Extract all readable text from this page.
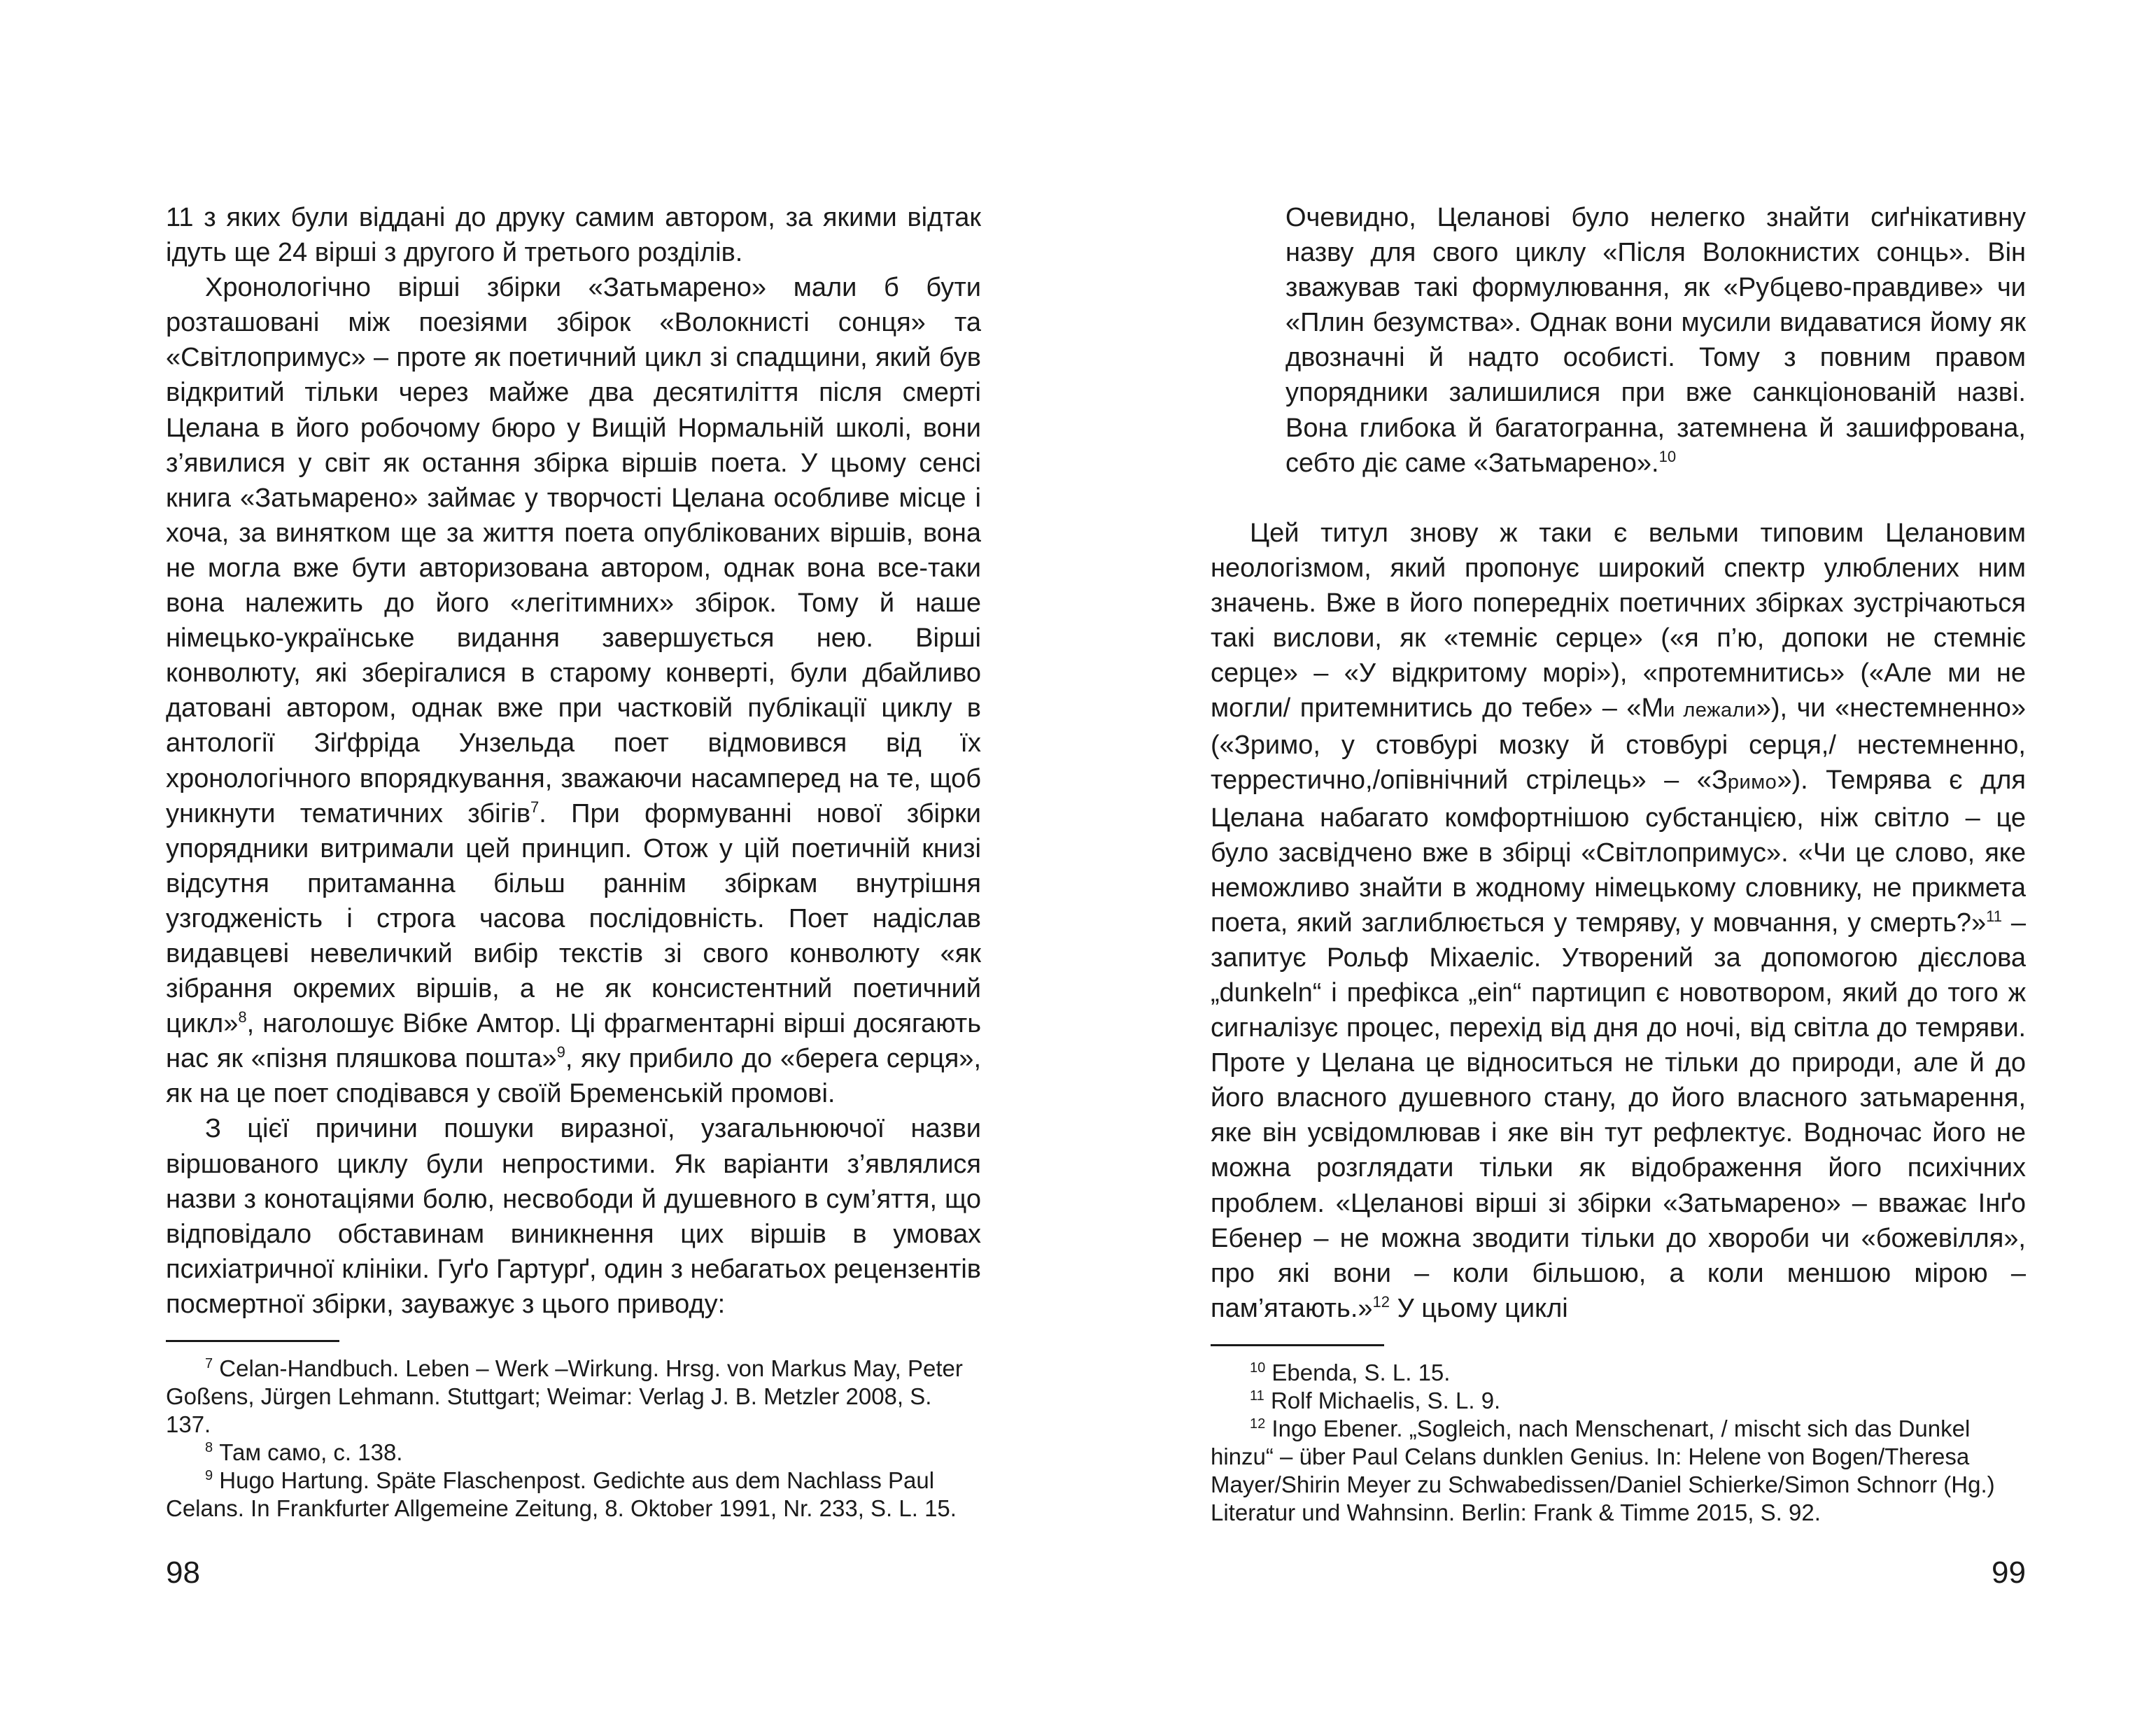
11 з яких були віддані до друку самим автором, за якими відтак ідуть ще 24 вірші з другого й третього розділів.

Хронологічно вірші збірки «Затьмарено» мали б бути розташовані між поезіями збірок «Волокнисті сонця» та «Світлопримус» – проте як поетичний цикл зі спадщини, який був відкритий тільки через майже два десятиліття після смерті Целана в його робочому бюро у Вищій Нормальній школі, вони з’явилися у світ як остання збірка віршів поета. У цьому сенсі книга «Затьмарено» займає у творчості Целана особливе місце і хоча, за винятком ще за життя поета опублікованих віршів, вона не могла вже бути авторизована автором, однак вона все-таки вона належить до його «легітимних» збірок. Тому й наше німецько-українське видання завершується нею. Вірші конволюту, які зберігалися в старому конверті, були дбайливо датовані автором, однак вже при частковій публікації циклу в антології Зіґфріда Унзельда поет відмовився від їх хронологічного впорядкування, зважаючи насамперед на те, щоб уникнути тематичних збігів$^7$. При формуванні нової збірки упорядники витримали цей принцип. Отож у цій поетичній книзі відсутня притаманна більш раннім збіркам внутрішня узгодженість і строга часова послідовність. Поет надіслав видавцеві невеличкий вибір текстів зі свого конволюту «як зібрання окремих віршів, а не як консистентний поетичний цикл»$^8$, наголошує Вібке Амтор. Ці фрагментарні вірші досягають нас як «пізня пляшкова пошта»$^9$, яку прибило до «берега серця», як на це поет сподівався у своїй Бременській промові.

З цієї причини пошуки виразної, узагальнюючої назви віршованого циклу були непростими. Як варіанти з’являлися назви з конотаціями болю, несвободи й душевного в сум’яття, що відповідало обставинам виникнення цих віршів в умовах психіатричної клініки. Гуґо Гартурґ, один з небагатьох рецензентів посмертної збірки, зауважує з цього приводу:

$^7$ Celan-Handbuch. Leben – Werk –Wirkung. Hrsg. von Markus May, Peter Goßens, Jürgen Lehmann. Stuttgart; Weimar: Verlag J. B. Metzler 2008, S. 137.

$^8$ Там само, с. 138.

$^9$ Hugo Hartung. Späte Flaschenpost. Gedichte aus dem Nachlass Paul Celans. In Frankfurter Allgemeine Zeitung, 8. Oktober 1991, Nr. 233, S. L. 15.

98

Очевидно, Целанові було нелегко знайти сиґнікативну назву для свого циклу «Після Волокнистих сонць». Він зважував такі формулювання, як «Рубцево-правдиве» чи «Плин безумства». Однак вони мусили видаватися йому як двозначні й надто особисті. Тому з повним правом упорядники залишилися при вже санкціонованій назві. Вона глибока й багатогранна, затемнена й зашифрована, себто діє саме «Затьмарено».$^{10}$

Цей титул знову ж таки є вельми типовим Целановим неологізмом, який пропонує широкий спектр улюблених ним значень. Вже в його попередніх поетичних збірках зустрічаються такі вислови, як «темніє серце» («я п’ю, допоки не стемніє серце» – «У відкритому морі»), «протемнитись» («Але ми не могли/ притемнитись до тебе» – «Ми лежали»), чи «нестемненно» («Зримо, у стовбурі мозку й стовбурі серця,/ нестемненно, террестично,/опівнічний стрілець» – «Зримо»). Темрява є для Целана набагато комфортнішою субстанцією, ніж світло – це було засвідчено вже в збірці «Світлопримус». «Чи це слово, яке неможливо знайти в жодному німецькому словнику, не прикмета поета, який заглиблюється у темряву, у мовчання, у смерть?»$^{11}$ – запитує Рольф Міхаеліс. Утворений за допомогою дієслова „dunkeln“ і префікса „ein“ партицип є новотвором, який до того ж сигналізує процес, перехід від дня до ночі, від світла до темряви. Проте у Целана це відноситься не тільки до природи, але й до його власного душевного стану, до його власного затьмарення, яке він усвідомлював і яке він тут рефлектує. Водночас його не можна розглядати тільки як відображення його психічних проблем. «Целанові вірші зі збірки «Затьмарено» – вважає Інґо Ебенер – не можна зводити тільки до хвороби чи «божевілля», про які вони – коли більшою, а коли меншою мірою – пам’ятають.»$^{12}$ У цьому циклі

$^{10}$ Ebenda, S. L. 15.

$^{11}$ Rolf Michaelis, S. L. 9.

$^{12}$ Ingo Ebener. „Sogleich, nach Menschenart, / mischt sich das Dunkel hinzu“ – über Paul Celans dunklen Genius. In: Helene von Bogen/Theresa Mayer/Shirin Meyer zu Schwabedissen/Daniel Schierke/Simon Schnorr (Hg.) Literatur und Wahnsinn. Berlin: Frank & Timme 2015, S. 92.

99
